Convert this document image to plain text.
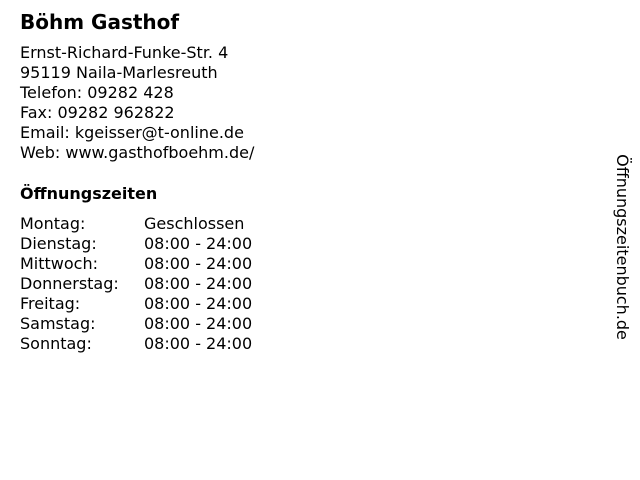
Böhm Gasthof
Ernst-Richard-Funke-Str. 4
95119 Naila-Marlesreuth
Telefon: 09282 428
Fax: 09282 962822
Email: kgeisser@t-online.de
Web: www.gasthofboehm.de/
Öffnungszeiten
Montag:	Geschlossen
Dienstag:	08:00 - 24:00
Mittwoch:	08:00 - 24:00
Donnerstag:	08:00 - 24:00
Freitag:	08:00 - 24:00
Samstag:	08:00 - 24:00
Sonntag:	08:00 - 24:00
Öffnungszeitenbuch.de
